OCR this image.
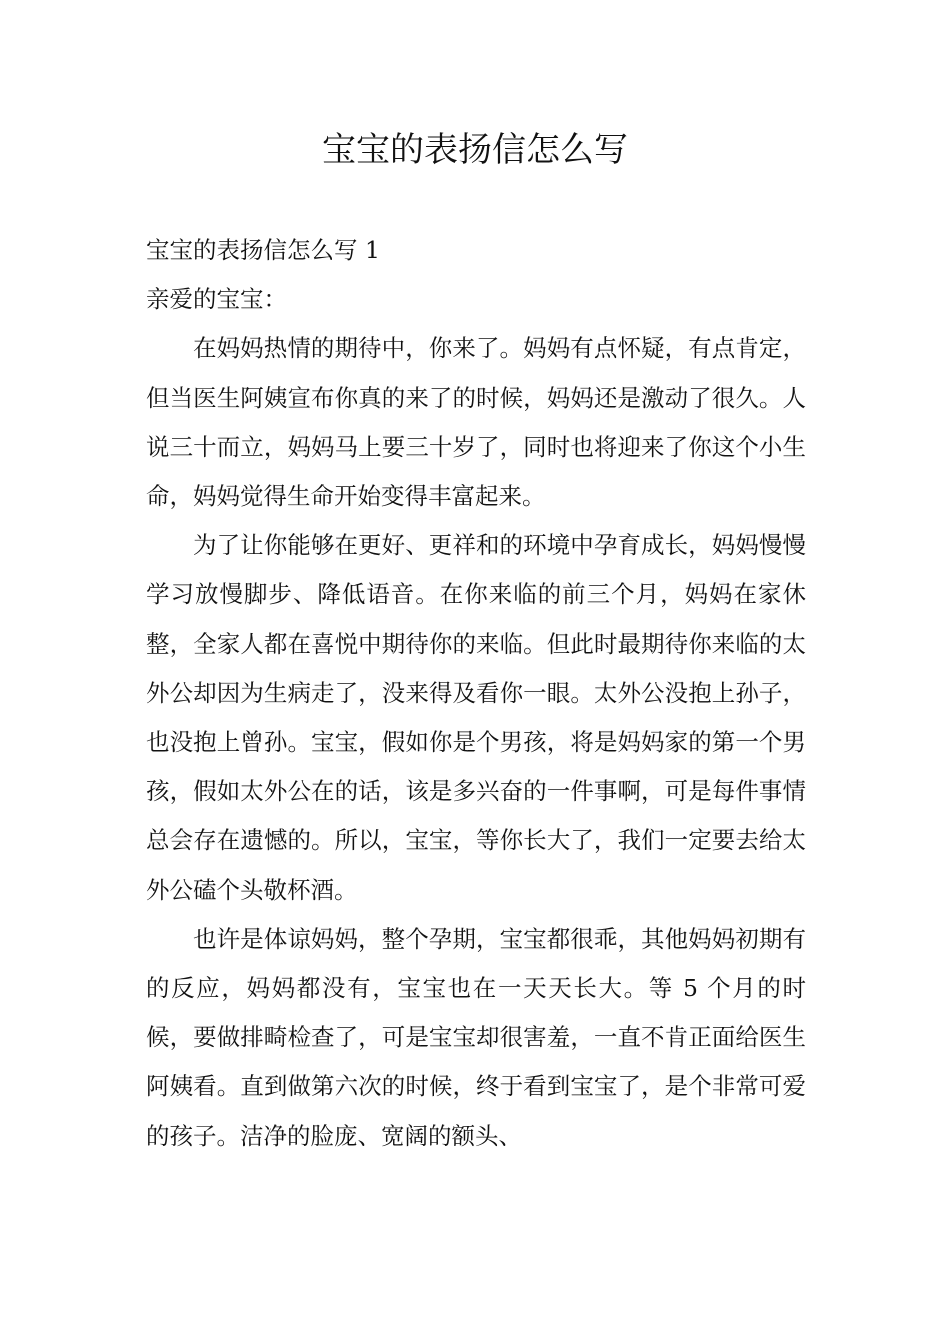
宝宝的表扬信怎么写

宝宝的表扬信怎么写 1

亲爱的宝宝：

在妈妈热情的期待中，你来了。妈妈有点怀疑，有点肯定，但当医生阿姨宣布你真的来了的时候，妈妈还是激动了很久。人说三十而立，妈妈马上要三十岁了，同时也将迎来了你这个小生命，妈妈觉得生命开始变得丰富起来。

为了让你能够在更好、更祥和的环境中孕育成长，妈妈慢慢学习放慢脚步、降低语音。在你来临的前三个月，妈妈在家休整，全家人都在喜悦中期待你的来临。但此时最期待你来临的太外公却因为生病走了，没来得及看你一眼。太外公没抱上孙子，也没抱上曾孙。宝宝，假如你是个男孩，将是妈妈家的第一个男孩，假如太外公在的话，该是多兴奋的一件事啊，可是每件事情总会存在遗憾的。所以，宝宝，等你长大了，我们一定要去给太外公磕个头敬杯酒。

也许是体谅妈妈，整个孕期，宝宝都很乖，其他妈妈初期有的反应，妈妈都没有，宝宝也在一天天长大。等 5 个月的时候，要做排畸检查了，可是宝宝却很害羞，一直不肯正面给医生阿姨看。直到做第六次的时候，终于看到宝宝了，是个非常可爱的孩子。洁净的脸庞、宽阔的额头、
